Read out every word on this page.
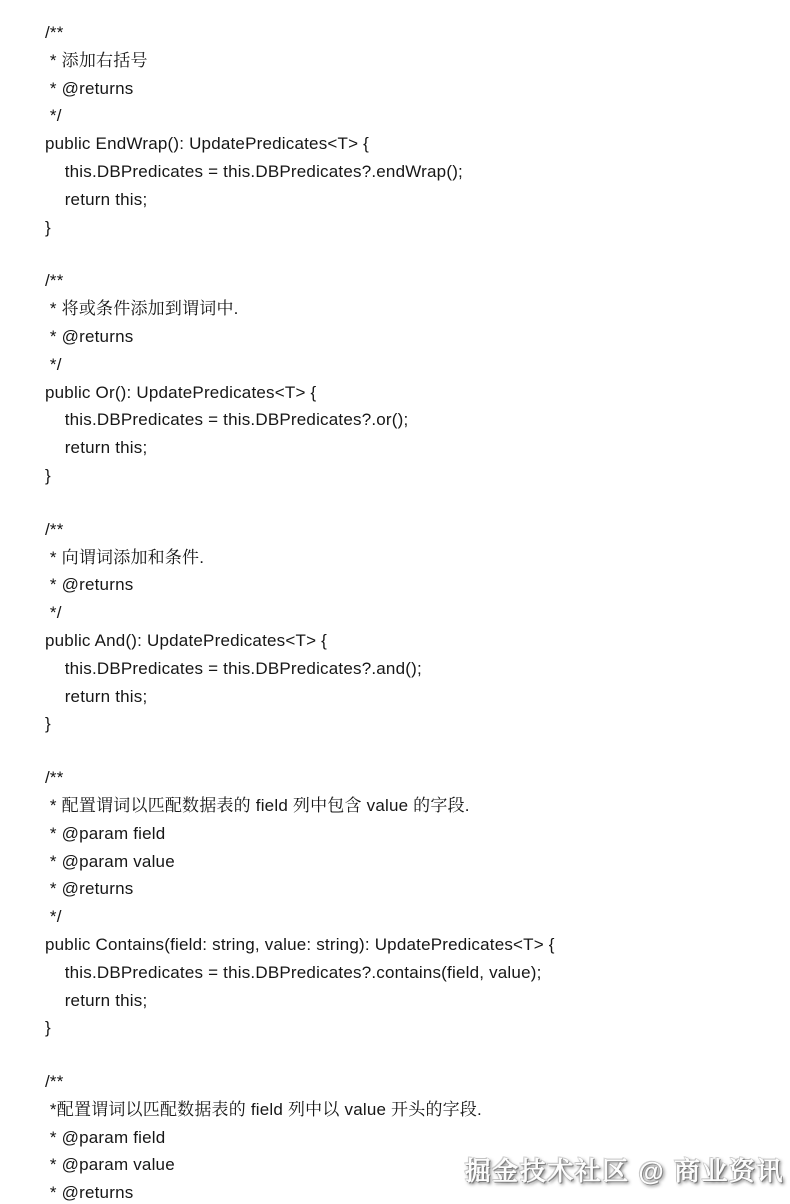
/**
* 添加右括号
* @returns
*/
public EndWrap(): UpdatePredicates<T> {
this.DBPredicates = this.DBPredicates?.endWrap();
return this;
}
/**
* 将或条件添加到谓词中.
* @returns
*/
public Or(): UpdatePredicates<T> {
this.DBPredicates = this.DBPredicates?.or();
return this;
}
/**
* 向谓词添加和条件.
* @returns
*/
public And(): UpdatePredicates<T> {
this.DBPredicates = this.DBPredicates?.and();
return this;
}
/**
* 配置谓词以匹配数据表的 field 列中包含 value 的字段.
* @param field
* @param value
* @returns
*/
public Contains(field: string, value: string): UpdatePredicates<T> {
this.DBPredicates = this.DBPredicates?.contains(field, value);
return this;
}
/**
*配置谓词以匹配数据表的 field 列中以 value 开头的字段.
* @param field
* @param value
* @returns
掘金技术社区 @ 商业资讯
